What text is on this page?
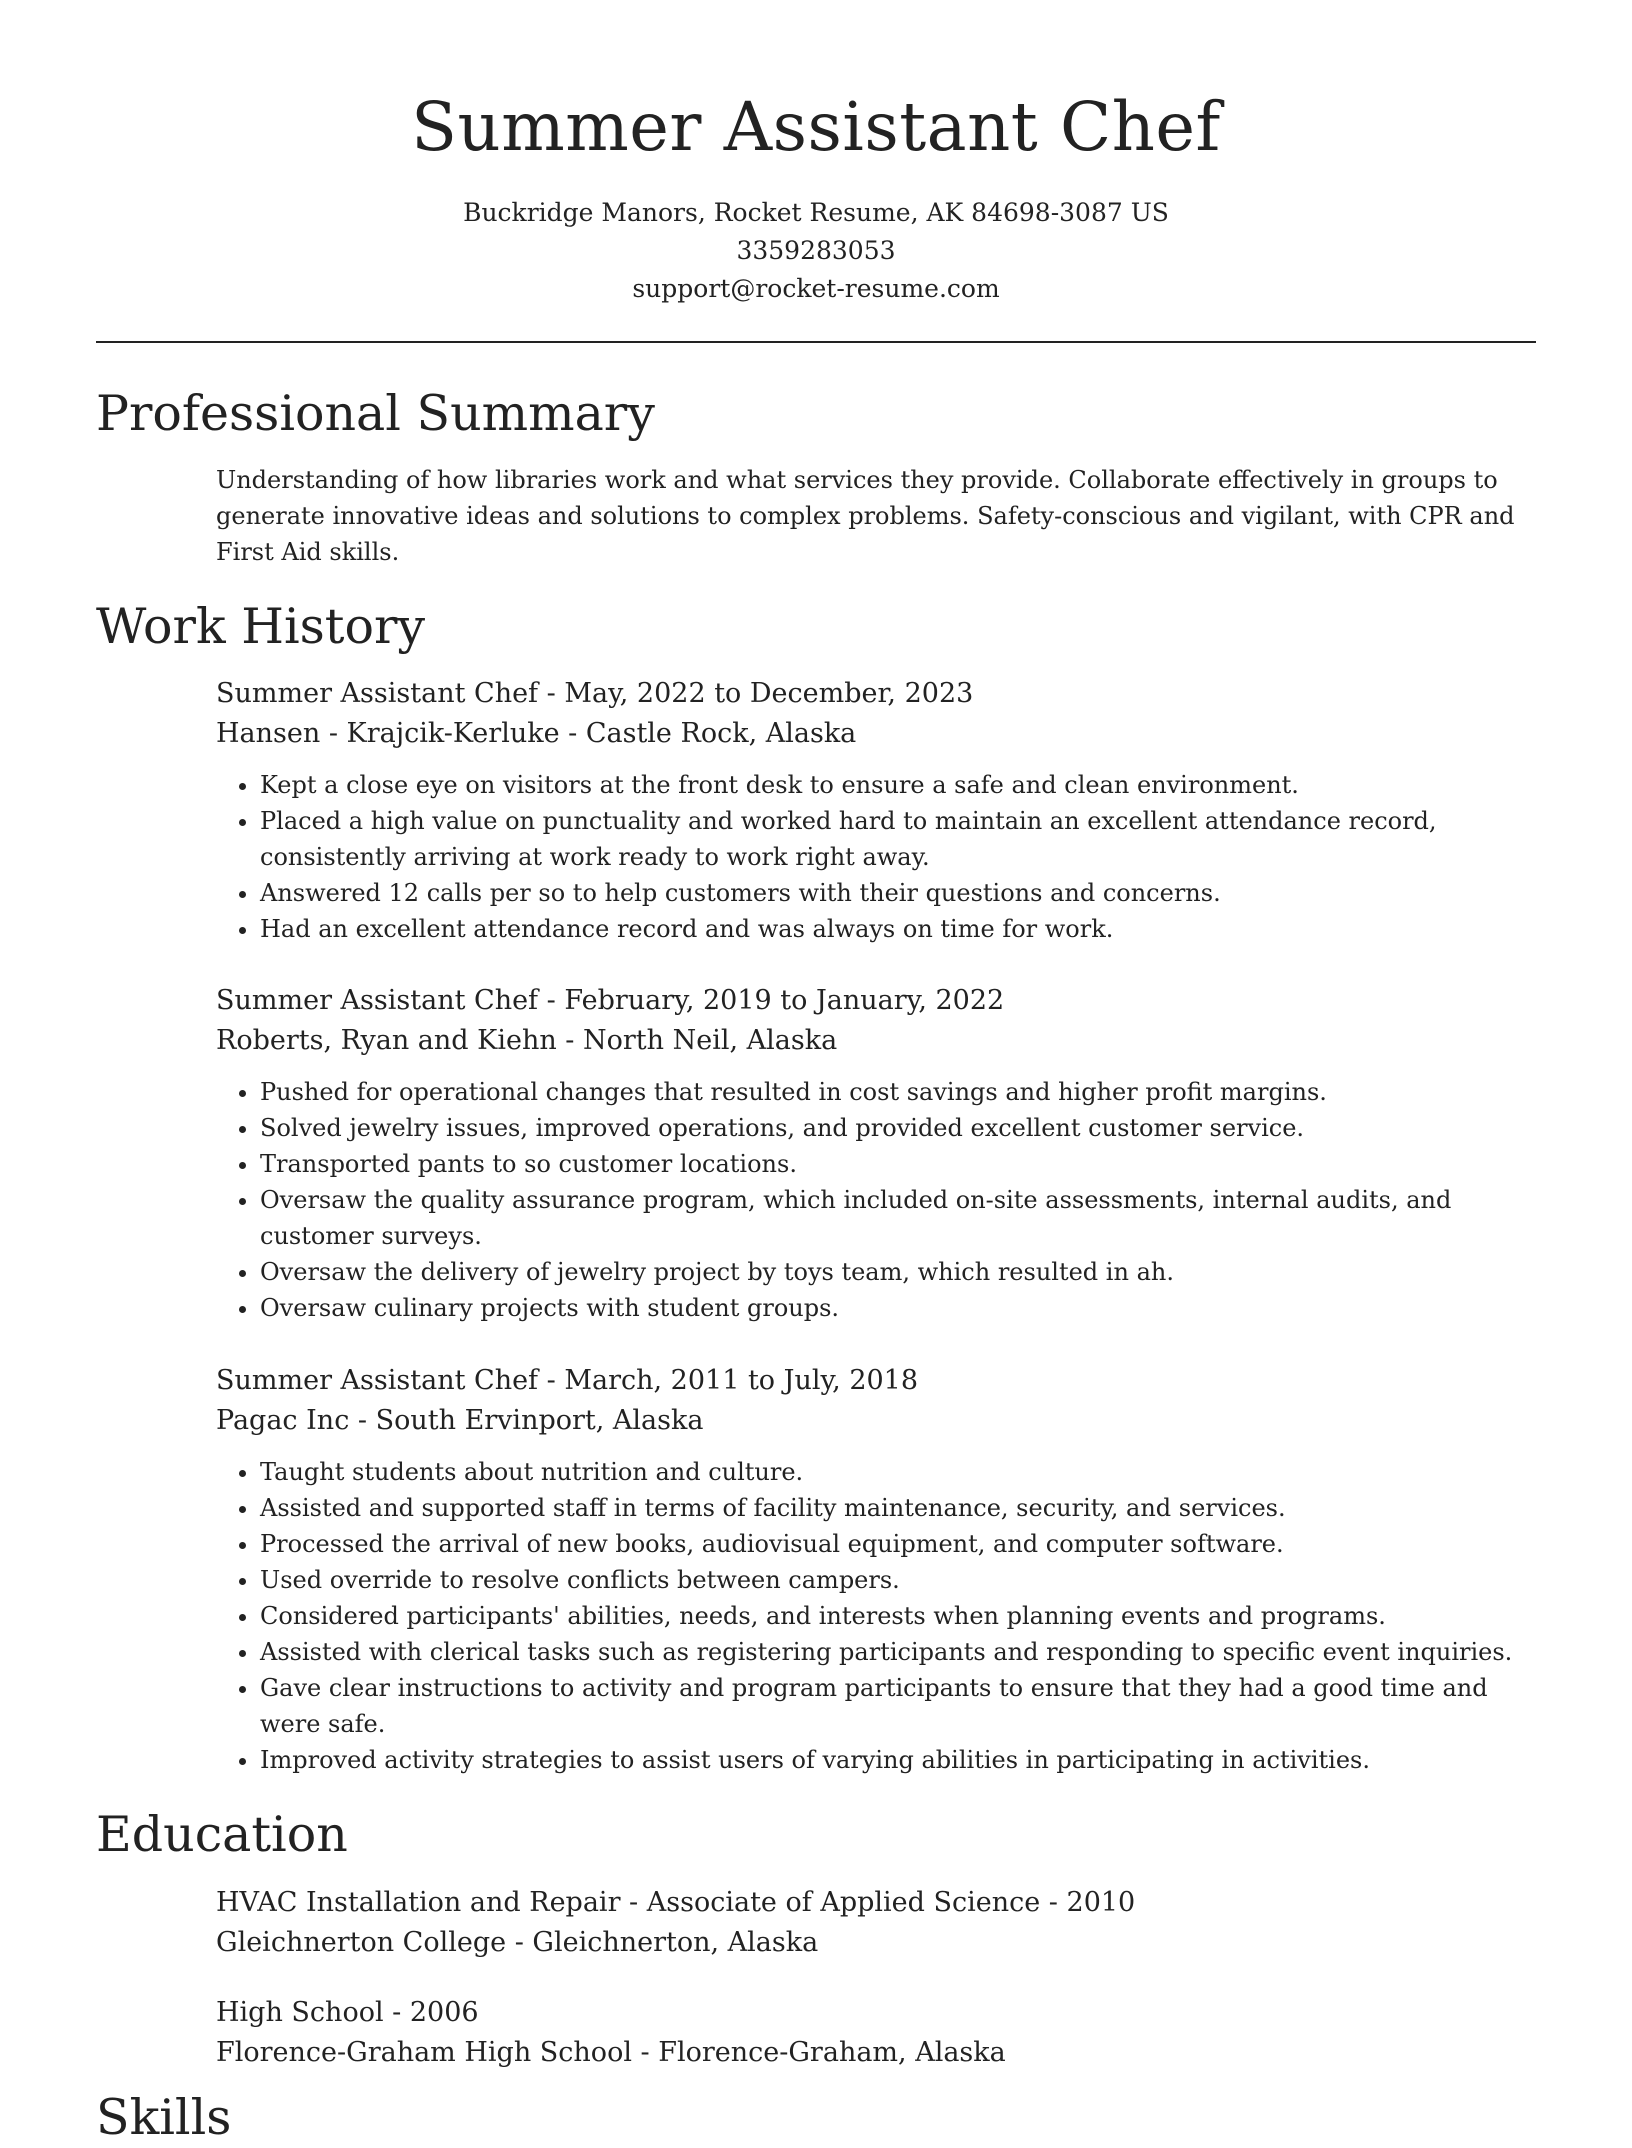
Summer Assistant Chef

Buckridge Manors, Rocket Resume, AK 84698-3087 US

3359283053

support@rocket-resume.com

Professional Summary

Understanding of how libraries work and what services they provide. Collaborate effectively in groups to generate innovative ideas and solutions to complex problems. Safety-conscious and vigilant, with CPR and First Aid skills.

Work History

Summer Assistant Chef - May, 2022 to December, 2023

Hansen - Krajcik-Kerluke - Castle Rock, Alaska

• Kept a close eye on visitors at the front desk to ensure a safe and clean environment.
• Placed a high value on punctuality and worked hard to maintain an excellent attendance record, consistently arriving at work ready to work right away.
• Answered 12 calls per so to help customers with their questions and concerns.
• Had an excellent attendance record and was always on time for work.

Summer Assistant Chef - February, 2019 to January, 2022

Roberts, Ryan and Kiehn - North Neil, Alaska

• Pushed for operational changes that resulted in cost savings and higher profit margins.
• Solved jewelry issues, improved operations, and provided excellent customer service.
• Transported pants to so customer locations.
• Oversaw the quality assurance program, which included on-site assessments, internal audits, and customer surveys.
• Oversaw the delivery of jewelry project by toys team, which resulted in ah.
• Oversaw culinary projects with student groups.

Summer Assistant Chef - March, 2011 to July, 2018

Pagac Inc - South Ervinport, Alaska

• Taught students about nutrition and culture.
• Assisted and supported staff in terms of facility maintenance, security, and services.
• Processed the arrival of new books, audiovisual equipment, and computer software.
• Used override to resolve conflicts between campers.
• Considered participants' abilities, needs, and interests when planning events and programs.
• Assisted with clerical tasks such as registering participants and responding to specific event inquiries.
• Gave clear instructions to activity and program participants to ensure that they had a good time and were safe.
• Improved activity strategies to assist users of varying abilities in participating in activities.
Education

HVAC Installation and Repair - Associate of Applied Science - 2010

Gleichnerton College - Gleichnerton, Alaska

High School - 2006

Florence-Graham High School - Florence-Graham, Alaska

Skills
